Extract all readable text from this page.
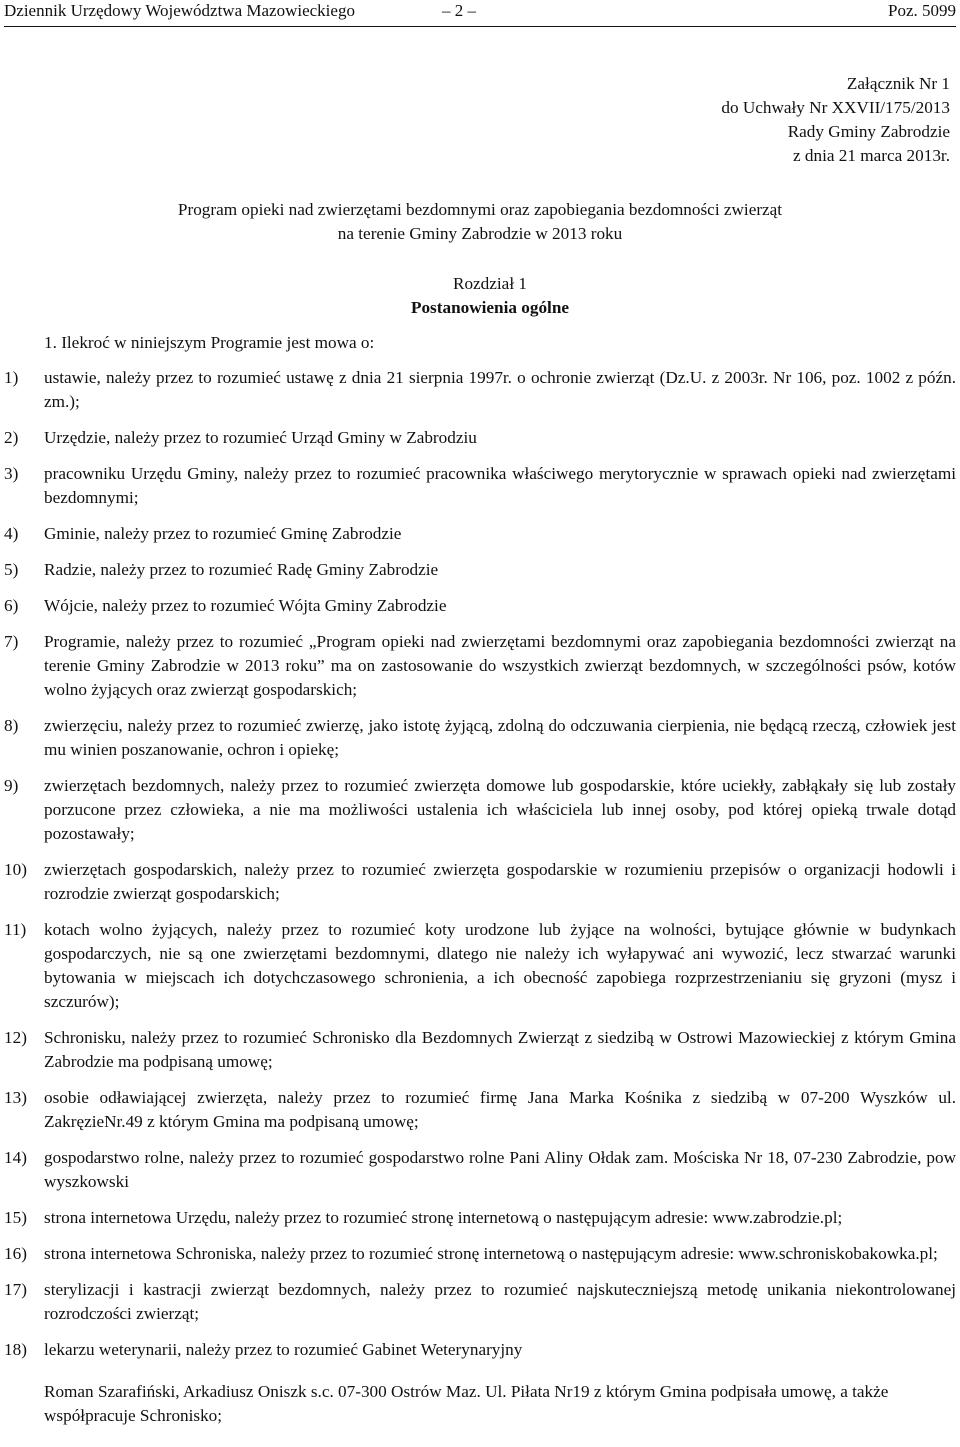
Dziennik Urzędowy Województwa Mazowieckiego	– 2 –	Poz. 5099
Załącznik Nr 1
do Uchwały Nr XXVII/175/2013
Rady Gminy Zabrodzie
z dnia 21 marca 2013r.
Program opieki nad zwierzętami bezdomnymi oraz zapobiegania bezdomności zwierząt
na terenie Gminy Zabrodzie w 2013 roku
Rozdział 1
Postanowienia ogólne
1. Ilekroć w niniejszym Programie jest mowa o:
1) ustawie, należy przez to rozumieć ustawę z dnia 21 sierpnia 1997r. o ochronie zwierząt (Dz.U. z 2003r. Nr 106, poz. 1002 z późn. zm.);
2) Urzędzie, należy przez to rozumieć Urząd Gminy w Zabrodziu
3) pracowniku Urzędu Gminy, należy przez to rozumieć pracownika właściwego merytorycznie w sprawach opieki nad zwierzętami bezdomnymi;
4) Gminie, należy przez to rozumieć Gminę Zabrodzie
5) Radzie, należy przez to rozumieć Radę Gminy Zabrodzie
6) Wójcie, należy przez to rozumieć Wójta Gminy Zabrodzie
7) Programie, należy przez to rozumieć „Program opieki nad zwierzętami bezdomnymi oraz zapobiegania bezdomności zwierząt na terenie Gminy Zabrodzie w 2013 roku” ma on zastosowanie do wszystkich zwierząt bezdomnych, w szczególności psów, kotów wolno żyjących oraz zwierząt gospodarskich;
8) zwierzęciu, należy przez to rozumieć zwierzę, jako istotę żyjącą, zdolną do odczuwania cierpienia, nie będącą rzeczą, człowiek jest mu winien poszanowanie, ochron i opiekę;
9) zwierzętach bezdomnych, należy przez to rozumieć zwierzęta domowe lub gospodarskie, które uciekły, zabłąkały się lub zostały porzucone przez człowieka, a nie ma możliwości ustalenia ich właściciela lub innej osoby, pod której opieką trwale dotąd pozostawały;
10) zwierzętach gospodarskich, należy przez to rozumieć zwierzęta gospodarskie w rozumieniu przepisów o organizacji hodowli i rozrodzie zwierząt gospodarskich;
11) kotach wolno żyjących, należy przez to rozumieć koty urodzone lub żyjące na wolności, bytujące głównie w budynkach gospodarczych, nie są one zwierzętami bezdomnymi, dlatego nie należy ich wyłapywać ani wywozić, lecz stwarzać warunki bytowania w miejscach ich dotychczasowego schronienia, a ich obecność zapobiega rozprzestrzenianiu się gryzoni (mysz i szczurów);
12) Schronisku, należy przez to rozumieć Schronisko dla Bezdomnych Zwierząt z siedzibą w Ostrowi Mazowieckiej z którym Gmina Zabrodzie ma podpisaną umowę;
13) osobie odławiającej zwierzęta, należy przez to rozumieć firmę Jana Marka Kośnika z siedzibą w 07-200 Wyszków ul. ZakręzieNr.49 z którym Gmina ma podpisaną umowę;
14) gospodarstwo rolne, należy przez to rozumieć gospodarstwo rolne Pani Aliny Ołdak zam. Mościska Nr 18, 07-230 Zabrodzie, pow wyszkowski
15) strona internetowa Urzędu, należy przez to rozumieć stronę internetową o następującym adresie: www.zabrodzie.pl;
16) strona internetowa Schroniska, należy przez to rozumieć stronę internetową o następującym adresie: www.schroniskobakowka.pl;
17) sterylizacji i kastracji zwierząt bezdomnych, należy przez to rozumieć najskuteczniejszą metodę unikania niekontrolowanej rozrodczości zwierząt;
18) lekarzu weterynarii, należy przez to rozumieć Gabinet Weterynaryjny
Roman Szarafiński, Arkadiusz Oniszk s.c. 07-300 Ostrów Maz. Ul. Piłata Nr19 z którym Gmina podpisała umowę, a także współpracuje Schronisko;
